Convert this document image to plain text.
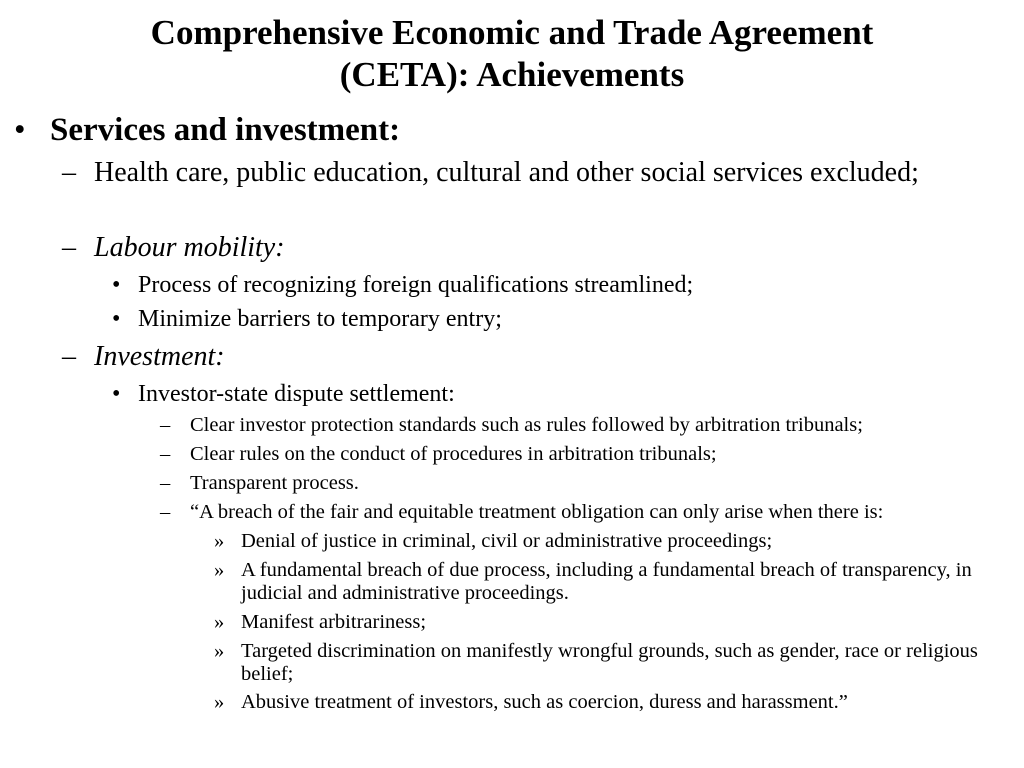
Comprehensive Economic and Trade Agreement
(CETA): Achievements
• Services and investment:
– Health care, public education, cultural and other social services excluded;
– Labour mobility:
• Process of recognizing foreign qualifications streamlined;
• Minimize barriers to temporary entry;
– Investment:
• Investor-state dispute settlement:
– Clear investor protection standards such as rules followed by arbitration tribunals;
– Clear rules on the conduct of procedures in arbitration tribunals;
– Transparent process.
– “A breach of the fair and equitable treatment obligation can only arise when there is:
» Denial of justice in criminal, civil or administrative proceedings;
» A fundamental breach of due process, including a fundamental breach of transparency, in judicial and administrative proceedings.
» Manifest arbitrariness;
» Targeted discrimination on manifestly wrongful grounds, such as gender, race or religious belief;
» Abusive treatment of investors, such as coercion, duress and harassment.”
